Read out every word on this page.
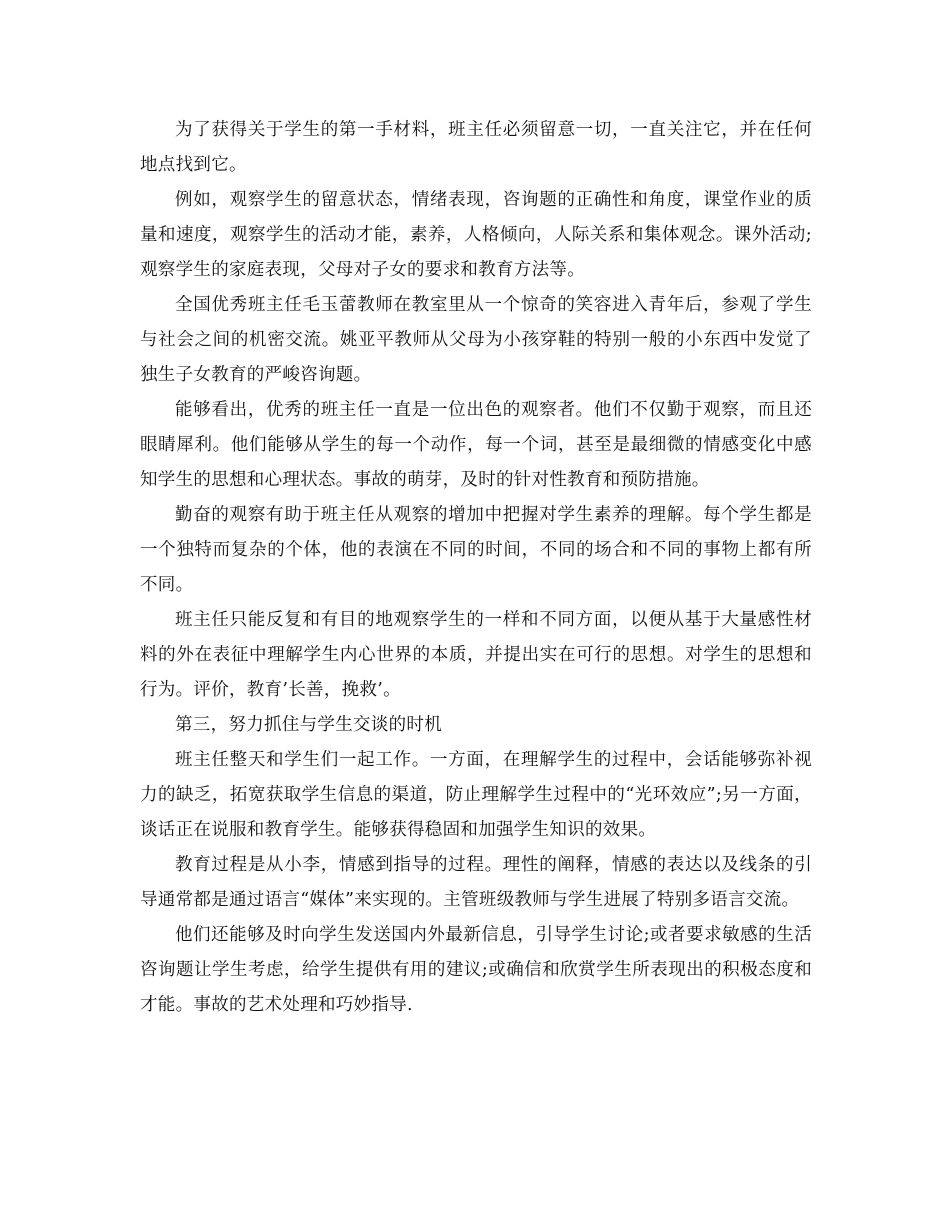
为了获得关于学生的第一手材料，班主任必须留意一切，一直关注它，并在任何地点找到它。

例如，观察学生的留意状态，情绪表现，咨询题的正确性和角度，课堂作业的质量和速度，观察学生的活动才能，素养，人格倾向，人际关系和集体观念。课外活动;观察学生的家庭表现，父母对子女的要求和教育方法等。

全国优秀班主任毛玉蕾教师在教室里从一个惊奇的笑容进入青年后，参观了学生与社会之间的机密交流。姚亚平教师从父母为小孩穿鞋的特别一般的小东西中发觉了独生子女教育的严峻咨询题。

能够看出，优秀的班主任一直是一位出色的观察者。他们不仅勤于观察，而且还眼睛犀利。他们能够从学生的每一个动作，每一个词，甚至是最细微的情感变化中感知学生的思想和心理状态。事故的萌芽，及时的针对性教育和预防措施。

勤奋的观察有助于班主任从观察的增加中把握对学生素养的理解。每个学生都是一个独特而复杂的个体，他的表演在不同的时间，不同的场合和不同的事物上都有所不同。

班主任只能反复和有目的地观察学生的一样和不同方面，以便从基于大量感性材料的外在表征中理解学生内心世界的本质，并提出实在可行的思想。对学生的思想和行为。评价，教育’长善，挽救’。

第三，努力抓住与学生交谈的时机

班主任整天和学生们一起工作。一方面，在理解学生的过程中，会话能够弥补视力的缺乏，拓宽获取学生信息的渠道，防止理解学生过程中的“光环效应”;另一方面，谈话正在说服和教育学生。能够获得稳固和加强学生知识的效果。

教育过程是从小李，情感到指导的过程。理性的阐释，情感的表达以及线条的引导通常都是通过语言“媒体”来实现的。主管班级教师与学生进展了特别多语言交流。

他们还能够及时向学生发送国内外最新信息，引导学生讨论;或者要求敏感的生活咨询题让学生考虑，给学生提供有用的建议;或确信和欣赏学生所表现出的积极态度和才能。事故的艺术处理和巧妙指导.
